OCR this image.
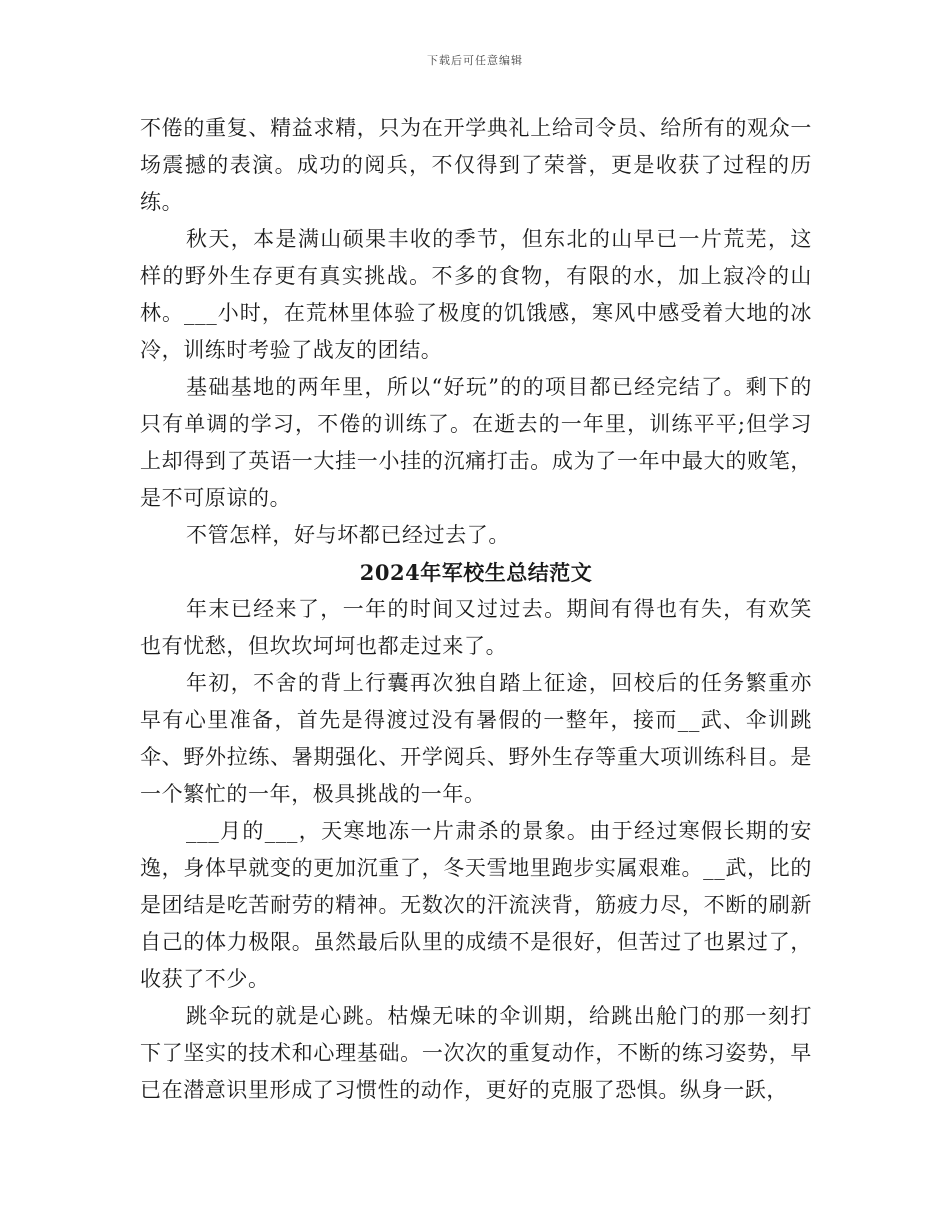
下载后可任意编辑

不倦的重复、精益求精，只为在开学典礼上给司令员、给所有的观众一场震撼的表演。成功的阅兵，不仅得到了荣誉，更是收获了过程的历练。

秋天，本是满山硕果丰收的季节，但东北的山早已一片荒芜，这样的野外生存更有真实挑战。不多的食物，有限的水，加上寂冷的山林。___小时，在荒林里体验了极度的饥饿感，寒风中感受着大地的冰冷，训练时考验了战友的团结。

基础基地的两年里，所以“好玩”的的项目都已经完结了。剩下的只有单调的学习，不倦的训练了。在逝去的一年里，训练平平;但学习上却得到了英语一大挂一小挂的沉痛打击。成为了一年中最大的败笔，是不可原谅的。

不管怎样，好与坏都已经过去了。

2024年军校生总结范文

年末已经来了，一年的时间又过过去。期间有得也有失，有欢笑也有忧愁，但坎坎坷坷也都走过来了。

年初，不舍的背上行囊再次独自踏上征途，回校后的任务繁重亦早有心里准备，首先是得渡过没有暑假的一整年，接而__武、伞训跳伞、野外拉练、暑期强化、开学阅兵、野外生存等重大项训练科目。是一个繁忙的一年，极具挑战的一年。

___月的___，天寒地冻一片肃杀的景象。由于经过寒假长期的安逸，身体早就变的更加沉重了，冬天雪地里跑步实属艰难。__武，比的是团结是吃苦耐劳的精神。无数次的汗流浃背，筋疲力尽，不断的刷新自己的体力极限。虽然最后队里的成绩不是很好，但苦过了也累过了，收获了不少。

跳伞玩的就是心跳。枯燥无味的伞训期，给跳出舱门的那一刻打下了坚实的技术和心理基础。一次次的重复动作，不断的练习姿势，早已在潜意识里形成了习惯性的动作，更好的克服了恐惧。纵身一跃，
